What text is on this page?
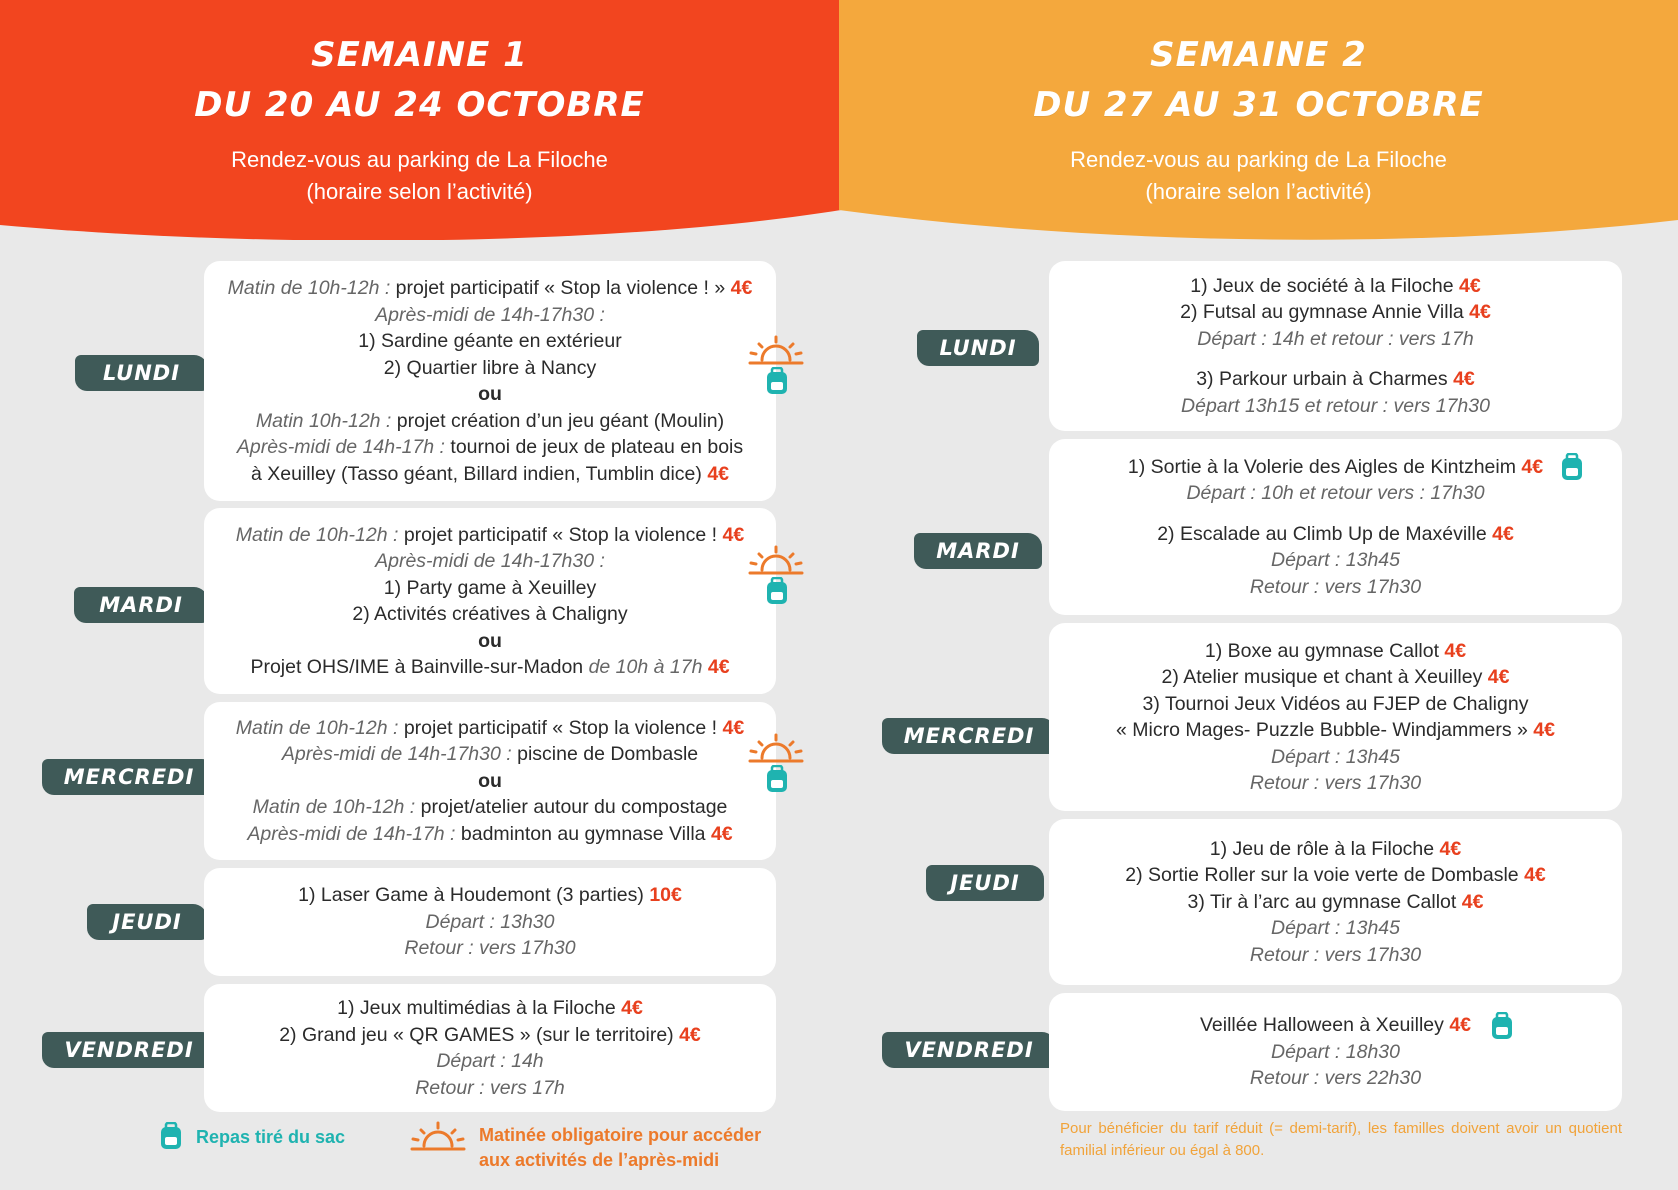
SEMAINE 1
DU 20 AU 24 OCTOBRE
Rendez-vous au parking de La Filoche
(horaire selon l’activité)
SEMAINE 2
DU 27 AU 31 OCTOBRE
Rendez-vous au parking de La Filoche
(horaire selon l’activité)
LUNDI
MARDI
MERCREDI
JEUDI
VENDREDI
Matin de 10h-12h : projet participatif « Stop la violence ! » 4€
Après-midi de 14h-17h30 :
1) Sardine géante en extérieur
2) Quartier libre à Nancy
ou
Matin 10h-12h : projet création d’un jeu géant (Moulin)
Après-midi de 14h-17h : tournoi de jeux de plateau en bois
à Xeuilley (Tasso géant, Billard indien, Tumblin dice) 4€
Matin de 10h-12h : projet participatif « Stop la violence ! 4€
Après-midi de 14h-17h30 :
1) Party game à Xeuilley
2) Activités créatives à Chaligny
ou
Projet OHS/IME à Bainville-sur-Madon de 10h à 17h 4€
Matin de 10h-12h : projet participatif « Stop la violence ! 4€
Après-midi de 14h-17h30 : piscine de Dombasle
ou
Matin de 10h-12h : projet/atelier autour du compostage
Après-midi de 14h-17h : badminton au gymnase Villa 4€
1) Laser Game à Houdemont (3 parties) 10€
Départ : 13h30
Retour : vers 17h30
1) Jeux multimédias à la Filoche 4€
2) Grand jeu « QR GAMES » (sur le territoire) 4€
Départ : 14h
Retour : vers 17h
LUNDI
MARDI
MERCREDI
JEUDI
VENDREDI
1) Jeux de société à la Filoche 4€
2) Futsal au gymnase Annie Villa 4€
Départ : 14h et retour : vers 17h
3) Parkour urbain à Charmes 4€
Départ 13h15 et retour : vers 17h30
1) Sortie à la Volerie des Aigles de Kintzheim 4€
Départ : 10h et retour vers : 17h30
2) Escalade au Climb Up de Maxéville 4€
Départ : 13h45
Retour : vers 17h30
1) Boxe au gymnase Callot 4€
2) Atelier musique et chant à Xeuilley 4€
3) Tournoi Jeux Vidéos au FJEP de Chaligny
« Micro Mages- Puzzle Bubble- Windjammers » 4€
Départ : 13h45
Retour : vers 17h30
1) Jeu de rôle à la Filoche 4€
2) Sortie Roller sur la voie verte de Dombasle 4€
3) Tir à l’arc au gymnase Callot 4€
Départ : 13h45
Retour : vers 17h30
Veillée Halloween à Xeuilley 4€
Départ : 18h30
Retour : vers 22h30
Repas tiré du sac	Matinée obligatoire pour accéder
aux activités de l’après-midi
Pour bénéficier du tarif réduit (= demi-tarif), les familles doivent avoir un quotient familial inférieur ou égal à 800.
